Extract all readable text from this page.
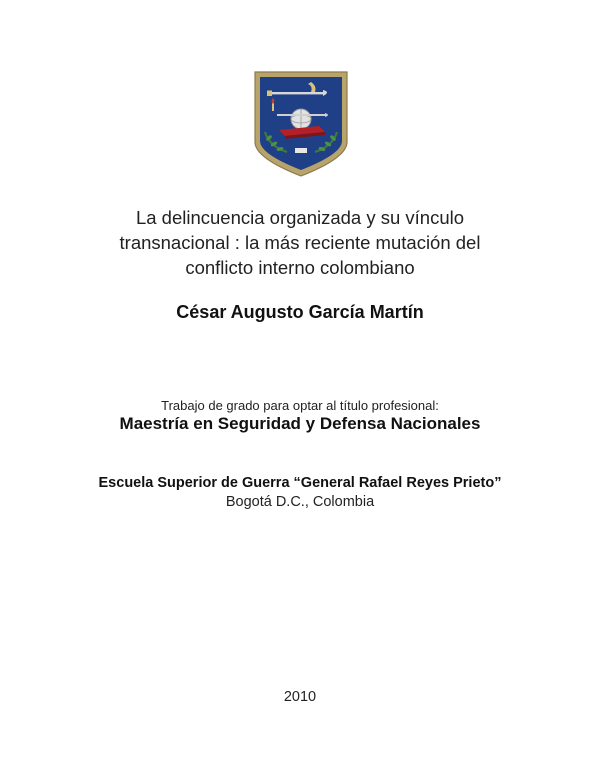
La delincuencia organizada y su vínculo
transnacional : la más reciente mutación del
conflicto interno colombiano
César Augusto García Martín
Trabajo de grado para optar al título profesional:
Maestría en Seguridad y Defensa Nacionales
Escuela Superior de Guerra “General Rafael Reyes Prieto”
Bogotá D.C., Colombia
2010
